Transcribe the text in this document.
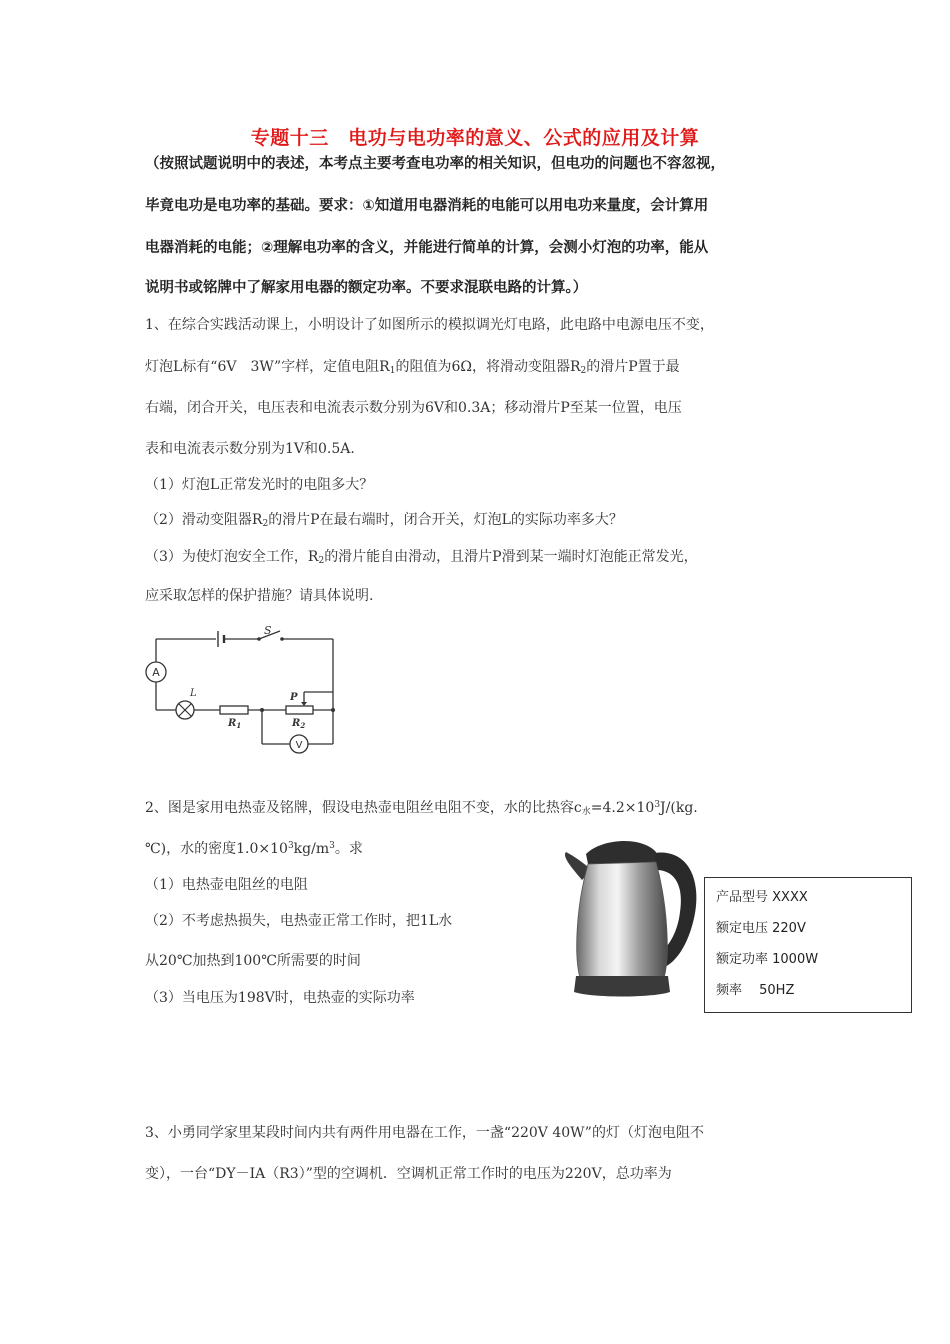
专题十三　电功与电功率的意义、公式的应用及计算
（按照试题说明中的表述，本考点主要考查电功率的相关知识，但电功的问题也不容忽视，
毕竟电功是电功率的基础。要求：①知道用电器消耗的电能可以用电功来量度，会计算用
电器消耗的电能；②理解电功率的含义，并能进行简单的计算，会测小灯泡的功率，能从
说明书或铭牌中了解家用电器的额定功率。不要求混联电路的计算。）
1、在综合实践活动课上，小明设计了如图所示的模拟调光灯电路，此电路中电源电压不变，
灯泡L标有“6V　3W”字样，定值电阻$R_1$的阻值为6Ω，将滑动变阻器$R_2$的滑片P置于最
右端，闭合开关，电压表和电流表示数分别为6V和0.3A；移动滑片P至某一位置，电压
表和电流表示数分别为1V和0.5A.
（1）灯泡L正常发光时的电阻多大？
（2）滑动变阻器$R_2$的滑片P在最右端时，闭合开关，灯泡L的实际功率多大？
（3）为使灯泡安全工作，$R_2$的滑片能自由滑动，且滑片P滑到某一端时灯泡能正常发光，
应采取怎样的保护措施？请具体说明.
S
A
L
$R_1$
P
$R_2$
V
2、图是家用电热壶及铭牌，假设电热壶电阻丝电阻不变，水的比热容$c_水=4.2\times 10^3J/(kg$.
℃)，水的密度$1.0\times 10^3kg/m^3$。求
（1）电热壶电阻丝的电阻
（2）不考虑热损失，电热壶正常工作时，把1L水
从20℃加热到100℃所需要的时间
（3）当电压为198V时，电热壶的实际功率
产品型号 XXXX
额定电压 220V
额定功率 1000W
频率　 50HZ
3、小勇同学家里某段时间内共有两件用电器在工作，一盏“220V 40W”的灯（灯泡电阻不
变），一台“DY－IA（R3）”型的空调机．空调机正常工作时的电压为220V，总功率为
